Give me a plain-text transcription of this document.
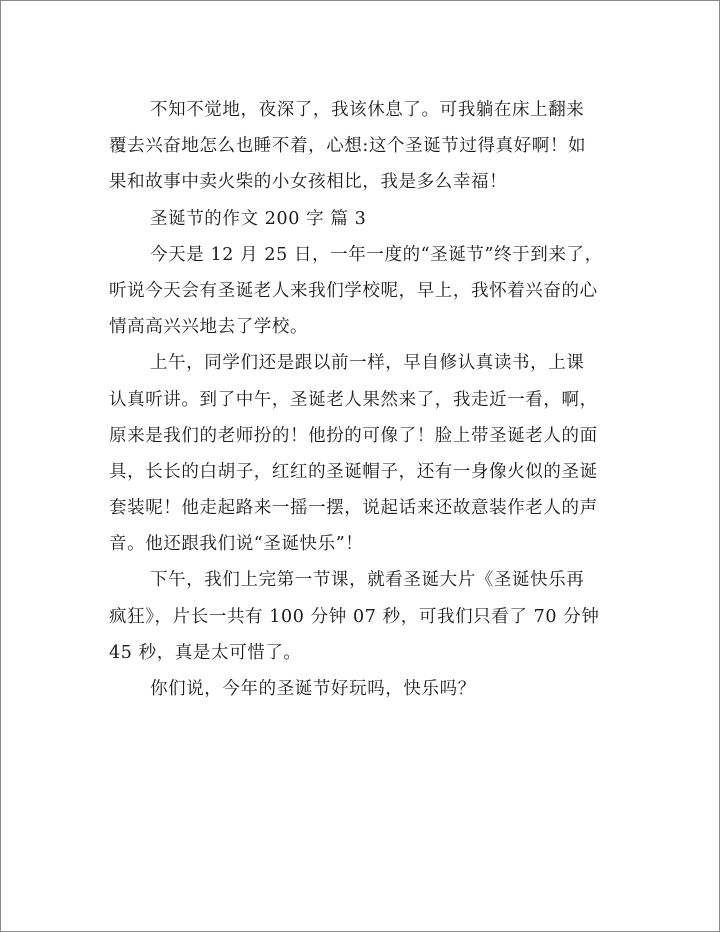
不知不觉地，夜深了，我该休息了。可我躺在床上翻来
覆去兴奋地怎么也睡不着，心想:这个圣诞节过得真好啊！如
果和故事中卖火柴的小女孩相比，我是多么幸福！
圣诞节的作文 200 字 篇 3
今天是 12 月 25 日，一年一度的“圣诞节”终于到来了，
听说今天会有圣诞老人来我们学校呢，早上，我怀着兴奋的心
情高高兴兴地去了学校。
上午，同学们还是跟以前一样，早自修认真读书，上课
认真听讲。到了中午，圣诞老人果然来了，我走近一看，啊，
原来是我们的老师扮的！他扮的可像了！脸上带圣诞老人的面
具，长长的白胡子，红红的圣诞帽子，还有一身像火似的圣诞
套装呢！他走起路来一摇一摆，说起话来还故意装作老人的声
音。他还跟我们说“圣诞快乐”！
下午，我们上完第一节课，就看圣诞大片《圣诞快乐再
疯狂》，片长一共有 100 分钟 07 秒，可我们只看了 70 分钟
45 秒，真是太可惜了。
你们说，今年的圣诞节好玩吗，快乐吗？
